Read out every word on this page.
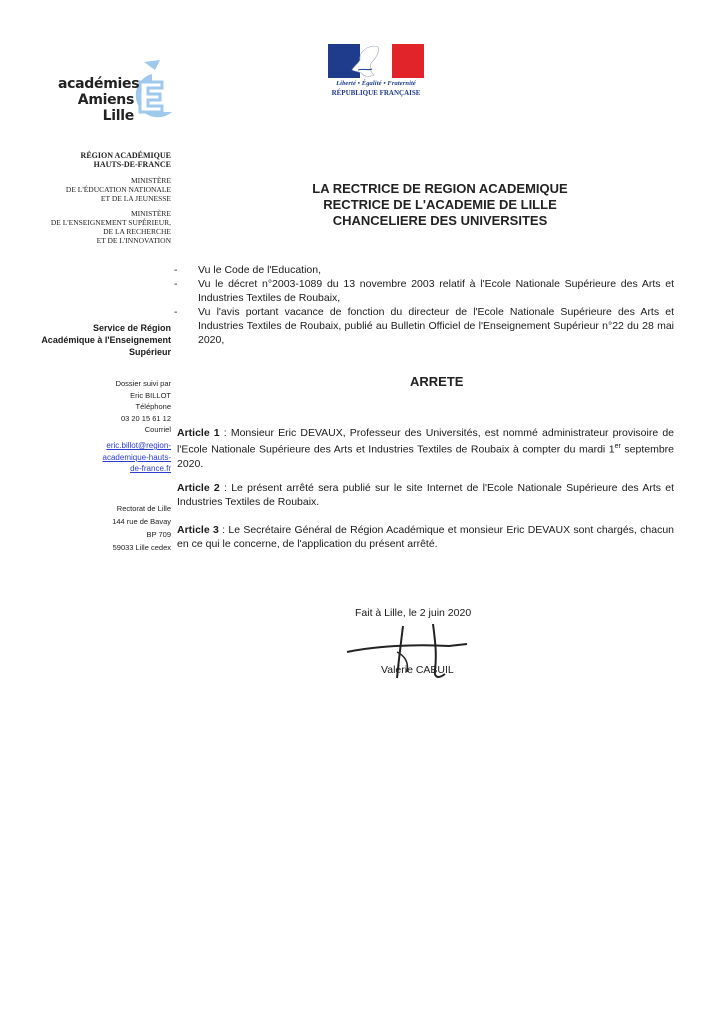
Liberté • Égalité • Fraternité
RÉPUBLIQUE FRANÇAISE
académies
Amiens
Lille
RÉGION ACADÉMIQUE
HAUTS-DE-FRANCE
MINISTÈRE
DE L'ÉDUCATION NATIONALE
ET DE LA JEUNESSE
MINISTÈRE
DE L'ENSEIGNEMENT SUPÉRIEUR,
DE LA RECHERCHE
ET DE L'INNOVATION
Service de Région
Académique à l'Enseignement
Supérieur
Dossier suivi par
Eric BILLOT
Téléphone
03 20 15 61 12
Courriel
eric.billot@region-
academique-hauts-
de-france.fr
Rectorat de Lille
144 rue de Bavay
BP 709
59033 Lille cedex
LA RECTRICE DE REGION ACADEMIQUE
RECTRICE DE L'ACADEMIE DE LILLE
CHANCELIERE DES UNIVERSITES
- Vu le Code de l'Education,
- Vu le décret n°2003-1089 du 13 novembre 2003 relatif à l'Ecole Nationale Supérieure des Arts et Industries Textiles de Roubaix,
- Vu l'avis portant vacance de fonction du directeur de l'Ecole Nationale Supérieure des Arts et Industries Textiles de Roubaix, publié au Bulletin Officiel de l'Enseignement Supérieur n°22 du 28 mai 2020,
ARRETE
Article 1 : Monsieur Eric DEVAUX, Professeur des Universités, est nommé administrateur provisoire de l'Ecole Nationale Supérieure des Arts et Industries Textiles de Roubaix à compter du mardi 1er septembre 2020.
Article 2 : Le présent arrêté sera publié sur le site Internet de l'Ecole Nationale Supérieure des Arts et Industries Textiles de Roubaix.
Article 3 : Le Secrétaire Général de Région Académique et monsieur Eric DEVAUX sont chargés, chacun en ce qui le concerne, de l'application du présent arrêté.
Fait à Lille, le 2 juin 2020
Valérie CABUIL
